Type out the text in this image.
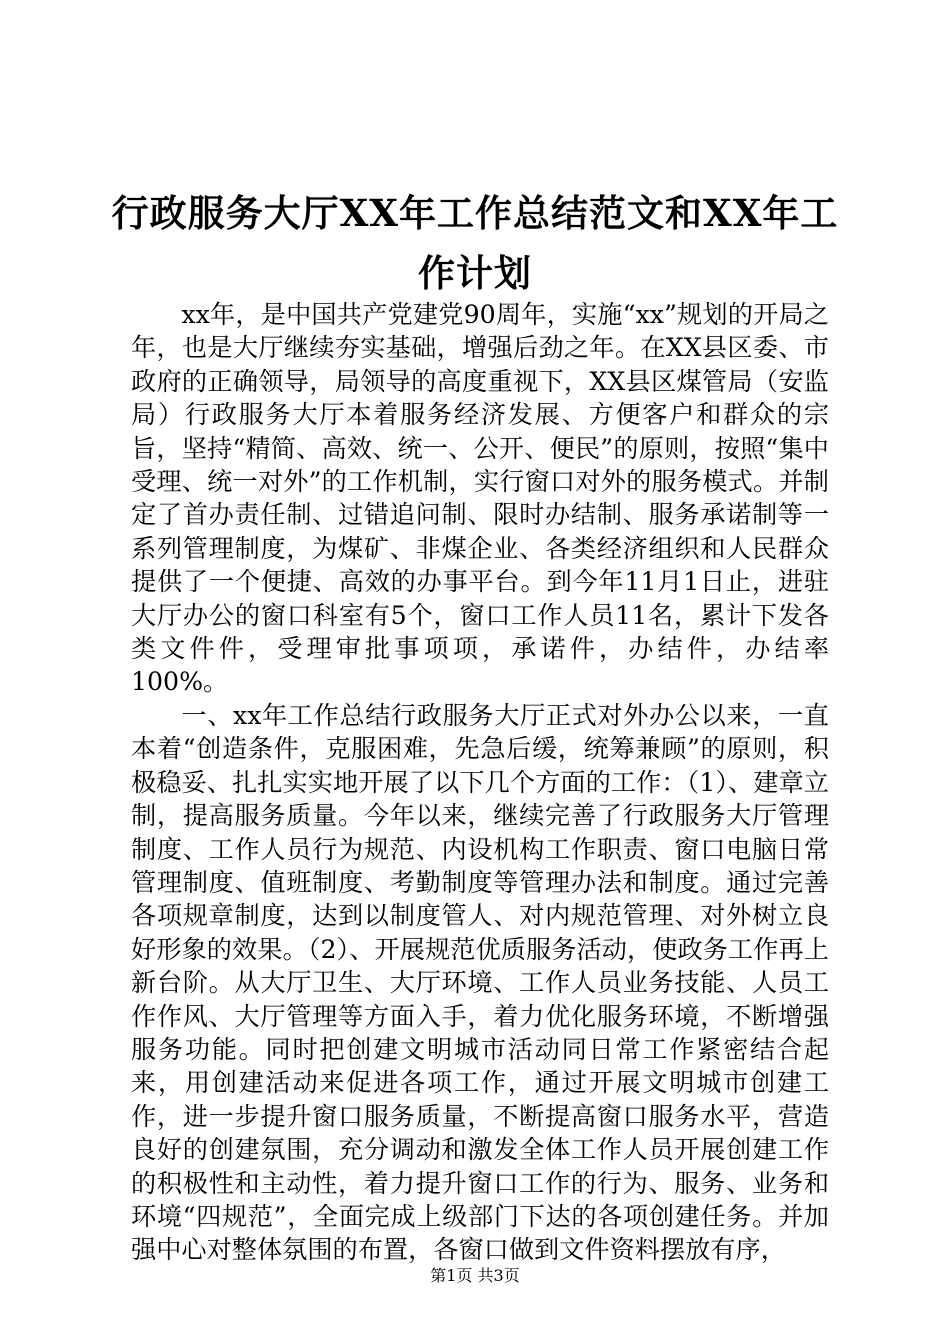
行政服务大厅XX年工作总结范文和XX年工作计划

xx年，是中国共产党建党90周年，实施“xx”规划的开局之年，也是大厅继续夯实基础，增强后劲之年。在XX县区委、市政府的正确领导，局领导的高度重视下，XX县区煤管局（安监局）行政服务大厅本着服务经济发展、方便客户和群众的宗旨，坚持“精简、高效、统一、公开、便民”的原则，按照“集中受理、统一对外”的工作机制，实行窗口对外的服务模式。并制定了首办责任制、过错追问制、限时办结制、服务承诺制等一系列管理制度，为煤矿、非煤企业、各类经济组织和人民群众提供了一个便捷、高效的办事平台。到今年11月1日止，进驻大厅办公的窗口科室有5个，窗口工作人员11名，累计下发各类文件件，受理审批事项项，承诺件，办结件，办结率100%。

一、xx年工作总结行政服务大厅正式对外办公以来，一直本着“创造条件，克服困难，先急后缓，统筹兼顾”的原则，积极稳妥、扎扎实实地开展了以下几个方面的工作：（1）、建章立制，提高服务质量。今年以来，继续完善了行政服务大厅管理制度、工作人员行为规范、内设机构工作职责、窗口电脑日常管理制度、值班制度、考勤制度等管理办法和制度。通过完善各项规章制度，达到以制度管人、对内规范管理、对外树立良好形象的效果。（2）、开展规范优质服务活动，使政务工作再上新台阶。从大厅卫生、大厅环境、工作人员业务技能、人员工作作风、大厅管理等方面入手，着力优化服务环境，不断增强服务功能。同时把创建文明城市活动同日常工作紧密结合起来，用创建活动来促进各项工作，通过开展文明城市创建工作，进一步提升窗口服务质量，不断提高窗口服务水平，营造良好的创建氛围，充分调动和激发全体工作人员开展创建工作的积极性和主动性，着力提升窗口工作的行为、服务、业务和环境“四规范”，全面完成上级部门下达的各项创建任务。并加强中心对整体氛围的布置，各窗口做到文件资料摆放有序，

第1页 共3页
